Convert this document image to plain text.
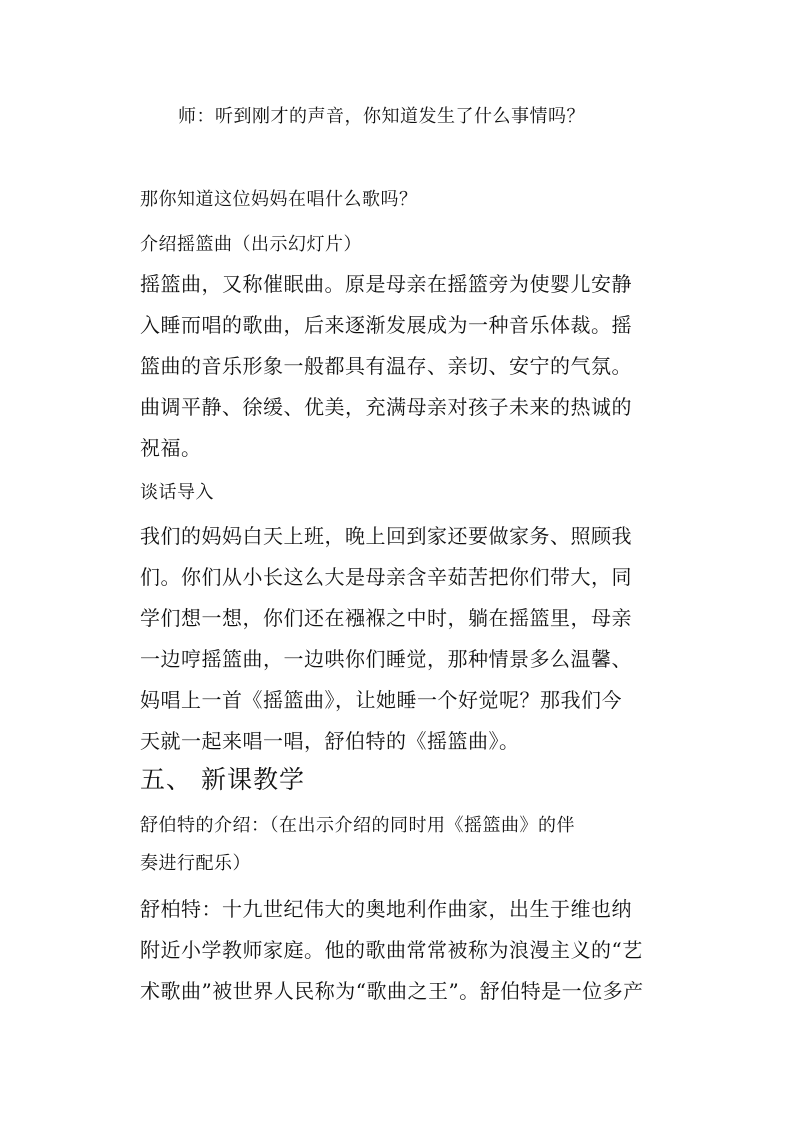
师：听到刚才的声音，你知道发生了什么事情吗？
那你知道这位妈妈在唱什么歌吗？
介绍摇篮曲（出示幻灯片）
摇篮曲，又称催眠曲。原是母亲在摇篮旁为使婴儿安静
入睡而唱的歌曲，后来逐渐发展成为一种音乐体裁。摇
篮曲的音乐形象一般都具有温存、亲切、安宁的气氛。
曲调平静、徐缓、优美，充满母亲对孩子未来的热诚的
祝福。
谈话导入
我们的妈妈白天上班，晚上回到家还要做家务、照顾我
们。你们从小长这么大是母亲含辛茹苦把你们带大，同
学们想一想，你们还在襁褓之中时，躺在摇篮里，母亲
一边哼摇篮曲，一边哄你们睡觉，那种情景多么温馨、
妈唱上一首《摇篮曲》，让她睡一个好觉呢？那我们今
天就一起来唱一唱，舒伯特的《摇篮曲》。
五、 新课教学
舒伯特的介绍：（在出示介绍的同时用《摇篮曲》的伴
奏进行配乐）
舒柏特：十九世纪伟大的奥地利作曲家，出生于维也纳
附近小学教师家庭。他的歌曲常常被称为浪漫主义的“艺
术歌曲”被世界人民称为“歌曲之王”。舒伯特是一位多产
